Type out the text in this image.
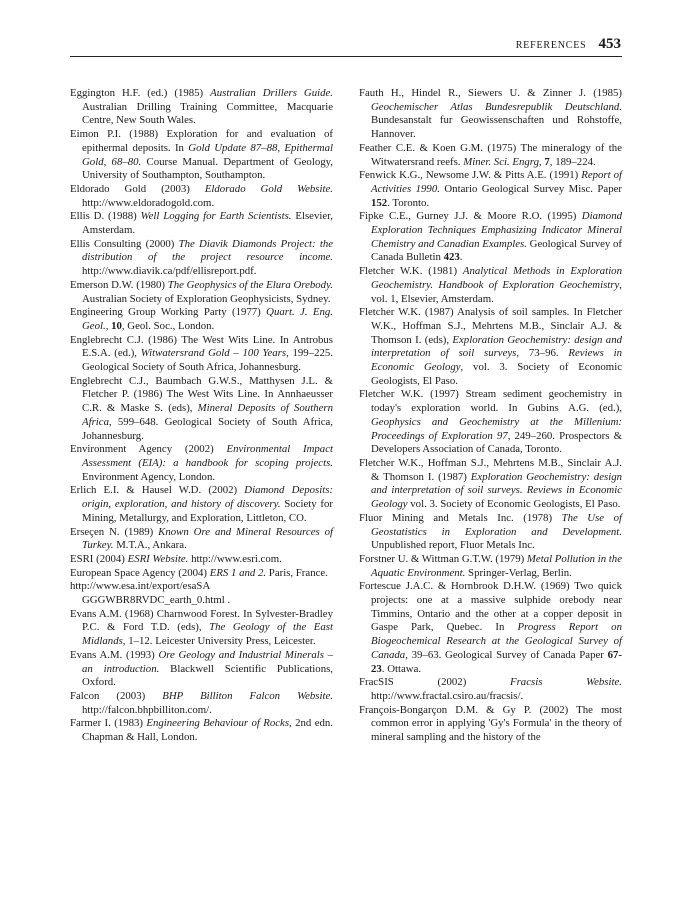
REFERENCES 453

Eggington H.F. (ed.) (1985) Australian Drillers Guide. Australian Drilling Training Committee, Macquarie Centre, New South Wales.

Eimon P.I. (1988) Exploration for and evaluation of epithermal deposits. In Gold Update 87–88, Epithermal Gold, 68–80. Course Manual. Department of Geology, University of Southampton, Southampton.

Eldorado Gold (2003) Eldorado Gold Website. http://www.eldoradogold.com.

Ellis D. (1988) Well Logging for Earth Scientists. Elsevier, Amsterdam.

Ellis Consulting (2000) The Diavik Diamonds Project: the distribution of the project resource income. http://www.diavik.ca/pdf/ellisreport.pdf.

Emerson D.W. (1980) The Geophysics of the Elura Orebody. Australian Society of Exploration Geophysicists, Sydney.

Engineering Group Working Party (1977) Quart. J. Eng. Geol., 10, Geol. Soc., London.

Englebrecht C.J. (1986) The West Wits Line. In Antrobus E.S.A. (ed.), Witwatersrand Gold – 100 Years, 199–225. Geological Society of South Africa, Johannesburg.

Englebrecht C.J., Baumbach G.W.S., Matthysen J.L. & Fletcher P. (1986) The West Wits Line. In Annhaeusser C.R. & Maske S. (eds), Mineral Deposits of Southern Africa, 599–648. Geological Society of South Africa, Johannesburg.

Environment Agency (2002) Environmental Impact Assessment (EIA): a handbook for scoping projects. Environment Agency, London.

Erlich E.I. & Hausel W.D. (2002) Diamond Deposits: origin, exploration, and history of discovery. Society for Mining, Metallurgy, and Exploration, Littleton, CO.

Erseçen N. (1989) Known Ore and Mineral Resources of Turkey. M.T.A., Ankara.

ESRI (2004) ESRI Website. http://www.esri.com.

European Space Agency (2004) ERS 1 and 2. Paris, France.

http://www.esa.int/export/esaSA GGGWBR8RVDC_earth_0.html .

Evans A.M. (1968) Charnwood Forest. In Sylvester-Bradley P.C. & Ford T.D. (eds), The Geology of the East Midlands, 1–12. Leicester University Press, Leicester.

Evans A.M. (1993) Ore Geology and Industrial Minerals – an introduction. Blackwell Scientific Publications, Oxford.

Falcon (2003) BHP Billiton Falcon Website. http://falcon.bhpbilliton.com/.

Farmer I. (1983) Engineering Behaviour of Rocks, 2nd edn. Chapman & Hall, London.

Fauth H., Hindel R., Siewers U. & Zinner J. (1985) Geochemischer Atlas Bundesrepublik Deutschland. Bundesanstalt fur Geowissenschaften und Rohstoffe, Hannover.

Feather C.E. & Koen G.M. (1975) The mineralogy of the Witwatersrand reefs. Miner. Sci. Engrg, 7, 189–224.

Fenwick K.G., Newsome J.W. & Pitts A.E. (1991) Report of Activities 1990. Ontario Geological Survey Misc. Paper 152. Toronto.

Fipke C.E., Gurney J.J. & Moore R.O. (1995) Diamond Exploration Techniques Emphasizing Indicator Mineral Chemistry and Canadian Examples. Geological Survey of Canada Bulletin 423.

Fletcher W.K. (1981) Analytical Methods in Exploration Geochemistry. Handbook of Exploration Geochemistry, vol. 1, Elsevier, Amsterdam.

Fletcher W.K. (1987) Analysis of soil samples. In Fletcher W.K., Hoffman S.J., Mehrtens M.B., Sinclair A.J. & Thomson I. (eds), Exploration Geochemistry: design and interpretation of soil surveys, 73–96. Reviews in Economic Geology, vol. 3. Society of Economic Geologists, El Paso.

Fletcher W.K. (1997) Stream sediment geochemistry in today's exploration world. In Gubins A.G. (ed.), Geophysics and Geochemistry at the Millenium: Proceedings of Exploration 97, 249–260. Prospectors & Developers Association of Canada, Toronto.

Fletcher W.K., Hoffman S.J., Mehrtens M.B., Sinclair A.J. & Thomson I. (1987) Exploration Geochemistry: design and interpretation of soil surveys. Reviews in Economic Geology vol. 3. Society of Economic Geologists, El Paso.

Fluor Mining and Metals Inc. (1978) The Use of Geostatistics in Exploration and Development. Unpublished report, Fluor Metals Inc.

Forstner U. & Wittman G.T.W. (1979) Metal Pollution in the Aquatic Environment. Springer-Verlag, Berlin.

Fortescue J.A.C. & Hornbrook D.H.W. (1969) Two quick projects: one at a massive sulphide orebody near Timmins, Ontario and the other at a copper deposit in Gaspe Park, Quebec. In Progress Report on Biogeochemical Research at the Geological Survey of Canada, 39–63. Geological Survey of Canada Paper 67-23. Ottawa.

FracSIS (2002) Fracsis Website. http://www.fractal.csiro.au/fracsis/.

François-Bongarçon D.M. & Gy P. (2002) The most common error in applying 'Gy's Formula' in the theory of mineral sampling and the history of the
